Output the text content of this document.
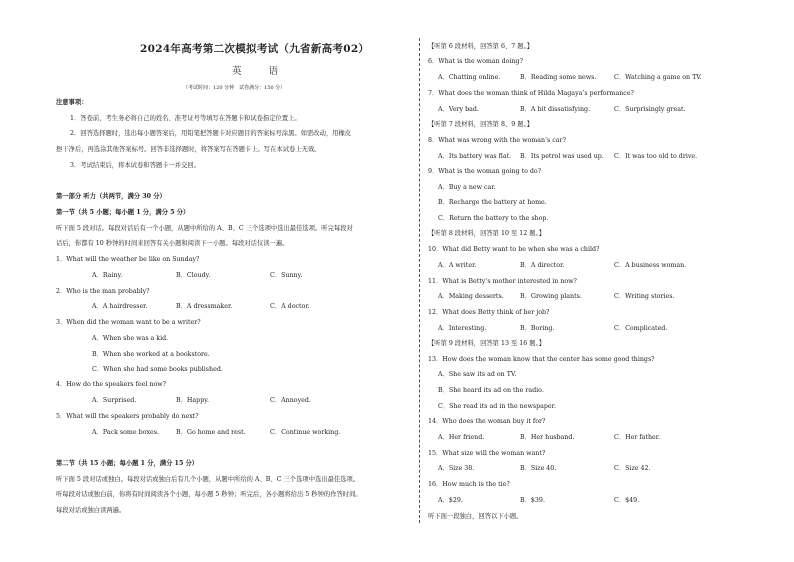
2024年高考第二次模拟考试（九省新高考02）
英 语
（考试时间：120 分钟　试卷满分：150 分）
注意事项：
1．答卷前，考生务必将自己的姓名、准考证号等填写在答题卡和试卷指定位置上。
2．回答选择题时，选出每小题答案后，用铅笔把答题卡对应题目的答案标号涂黑。如需改动，用橡皮
擦干净后，再选涂其他答案标号。回答非选择题时，将答案写在答题卡上。写在本试卷上无效。
3．考试结束后，将本试卷和答题卡一并交回。
第一部分 听力（共两节，满分 30 分）
第一节（共 5 小题；每小题 1 分，满分 5 分）
听下面 5 段对话。每段对话后有一个小题，从题中所给的 A、B、C 三个选项中选出最佳选项。听完每段对
话后，你都有 10 秒钟的时间来回答有关小题和阅读下一小题。每段对话仅读一遍。
1．What will the weather be like on Sunday?
A．Rainy.	B．Cloudy.	C．Sunny.
2．Who is the man probably?
A．A hairdresser.	B．A dressmaker.	C．A doctor.
3．When did the woman want to be a writer?
A．When she was a kid.
B．When she worked at a bookstore.
C．When she had some books published.
4．How do the speakers feel now?
A．Surprised.	B．Happy.	C．Annoyed.
5．What will the speakers probably do next?
A．Pack some boxes.	B．Go home and rest.	C．Continue working.
第二节（共 15 小题；每小题 1 分，满分 15 分）
听下面 5 段对话或独白。每段对话或独白后有几个小题，从题中所给的 A、B、C 三个选项中选出最佳选项。
听每段对话或独白前，你将有时间阅读各个小题，每小题 5 秒钟；听完后，各小题将给出 5 秒钟的作答时间。
每段对话或独白读两遍。
【听第 6 段材料，回答第 6、7 题。】
6．What is the woman doing?
A．Chatting online.	B．Reading some news.	C．Watching a game on TV.
7．What does the woman think of Hilda Magaya’s performance?
A．Very bad.	B．A bit dissatisfying.	C．Surprisingly great.
【听第 7 段材料，回答第 8、9 题。】
8．What was wrong with the woman’s car?
A．Its battery was flat. B．Its petrol was used up. C．It was too old to drive.
9．What is the woman going to do?
A．Buy a new car.
B．Recharge the battery at home.
C．Return the battery to the shop.
【听第 8 段材料，回答第 10 至 12 题。】
10．What did Betty want to be when she was a child?
A．A writer.	B．A director.	C．A business woman.
11．What is Betty’s mother interested in now?
A．Making desserts.	B．Growing plants.	C．Writing stories.
12．What does Betty think of her job?
A．Interesting.	B．Boring.	C．Complicated.
【听第 9 段材料，回答第 13 至 16 题。】
13．How does the woman know that the center has some good things?
A．She saw its ad on TV.
B．She heard its ad on the radio.
C．She read its ad in the newspaper.
14．Who does the woman buy it for?
A．Her friend.	B．Her husband.	C．Her father.
15．What size will the woman want?
A．Size 38.	B．Size 40.	C．Size 42.
16．How much is the tie?
A．$29.	B．$39.	C．$49.
听下面一段独白，回答以下小题。
